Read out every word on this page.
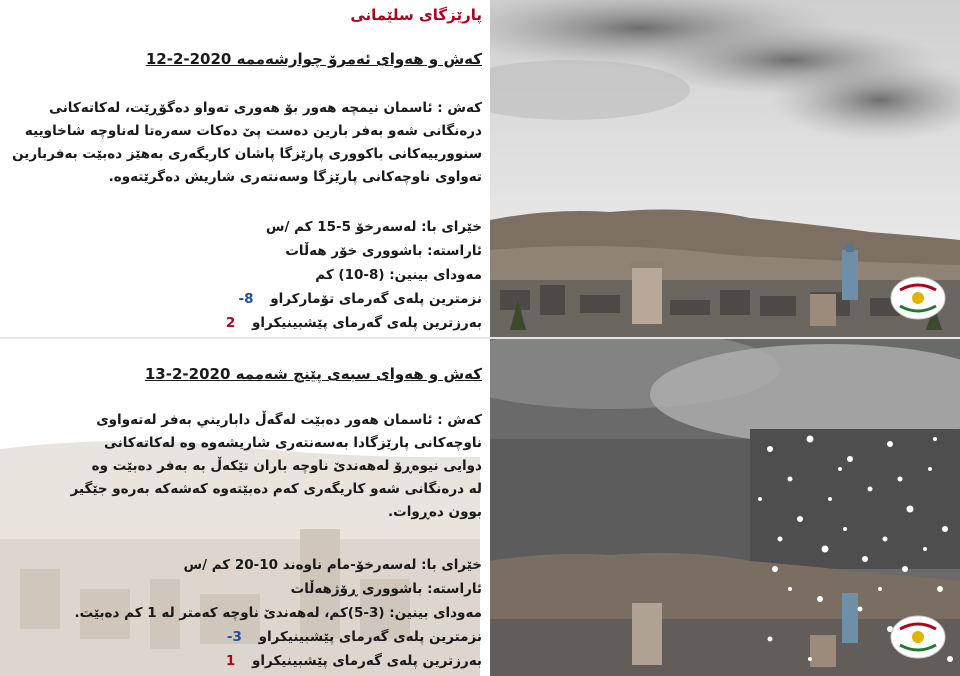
پارێزگای سلێمانی
کەش و هەوای ئەمرۆ چوارشەممە 2020-2-12
کەش : ئاسمان نیمچە هەور بۆ هەوری تەواو دەگۆڕێت، لەکاتەکانی
درەنگانی شەو بەفر بارین دەست پێ دەکات سەرەتا لەناوچە شاخاوییە
سنوورییەکانی باکووری پارێزگا پاشان کاریگەری بەهێز دەبێت بەفربارین
تەواوی ناوچەکانی پارێزگا وسەنتەری شاریش دەگرێتەوە.
خێرای با: لەسەرخۆ 5-15 کم /س
ئاراستە: باشووری خۆر هەڵات
مەودای بینین: (8-10) کم
نزمترین پلەی گەرمای تۆمارکراو -8
بەرزترین پلەی گەرمای پێشبینیکراو 2
کەش و هەوای سبەی پێنج شەممە 2020-2-13
کەش : ئاسمان هەور دەبێت لەگەڵ داباریني بەفر لەتەواوی
ناوچەکانی پارێزگادا بەسەنتەری شاریشەوە وە لەکاتەکانی
دوایی نیوەڕۆ لەهەندێ ناوچە باران تێکەڵ بە بەفر دەبێت وە
لە درەنگانی شەو کاریگەری کەم دەبێتەوە کەشەکە بەرەو جێگیر
بوون دەڕوات.
خێرای با: لەسەرخۆ-مام ناوەند 10-20 کم /س
ئاراستە: باشووری ڕۆژهەڵات
مەودای بینین: (3-5)کم، لەهەندێ ناوچە کەمتر لە 1 کم دەبێت.
نزمترین پلەی گەرمای پێشبینیکراو -3
بەرزترین پلەی گەرمای پێشبینیکراو 1
